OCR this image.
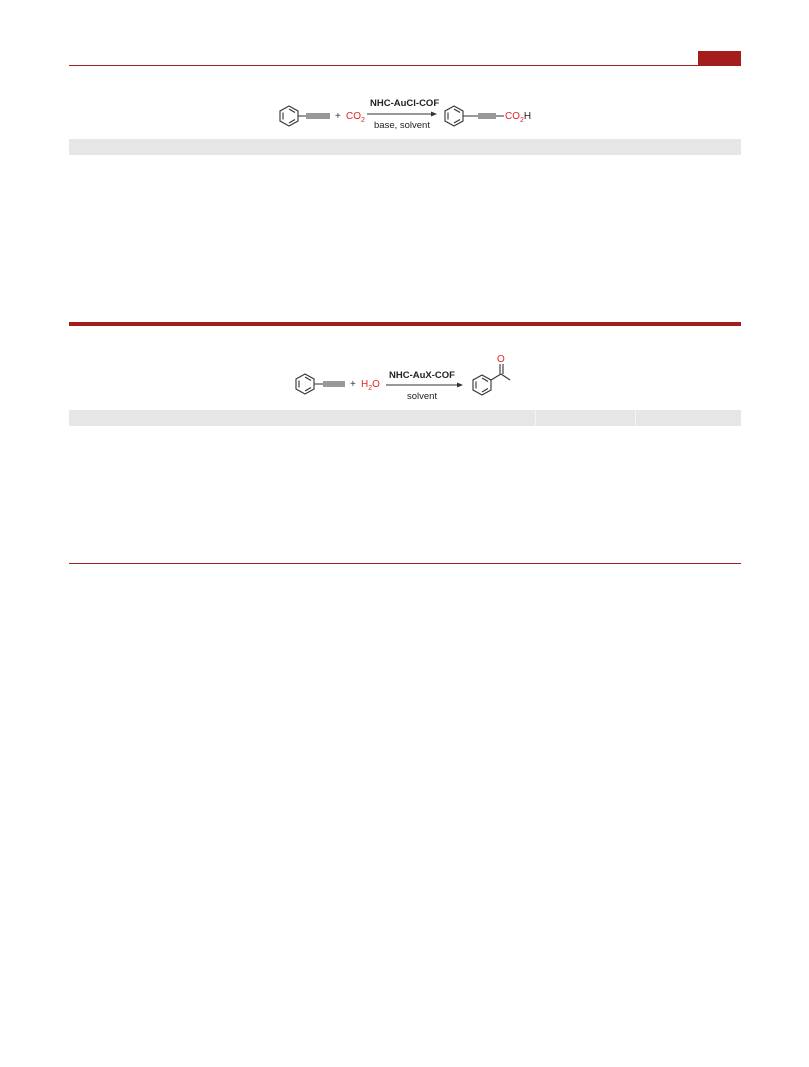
+ $CO_2$
NHC-AuCl-COF
base, solvent
$CO_2H$
+ $H_2O$
NHC-AuX-COF
solvent
O
